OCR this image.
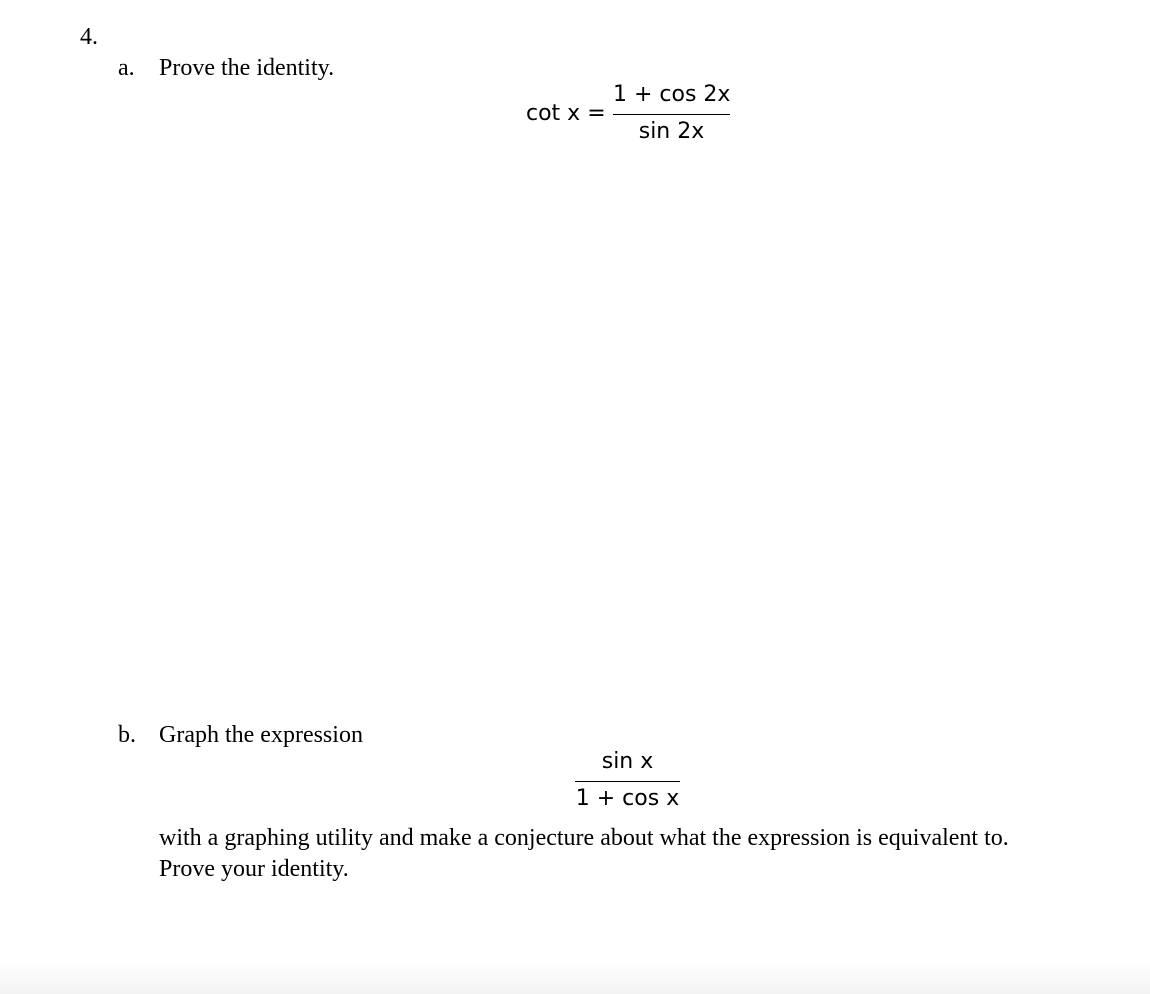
4.
a. Prove the identity.
cot x =
1 + cos 2x
sin 2x
b. Graph the expression
sin x
1 + cos x
with a graphing utility and make a conjecture about what the expression is equivalent to.
Prove your identity.
